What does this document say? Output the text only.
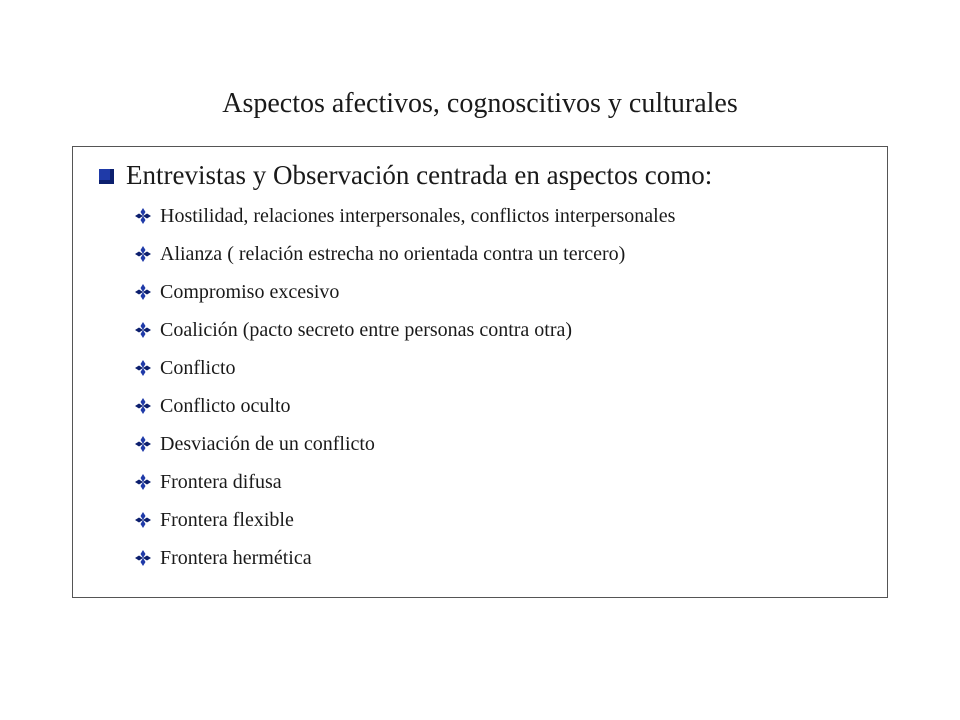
Aspectos afectivos, cognoscitivos y culturales
Entrevistas y Observación centrada en aspectos como:
Hostilidad, relaciones interpersonales, conflictos interpersonales
Alianza ( relación estrecha no orientada contra un tercero)
Compromiso excesivo
Coalición (pacto secreto entre personas contra otra)
Conflicto
Conflicto oculto
Desviación de un conflicto
Frontera difusa
Frontera flexible
Frontera hermética
